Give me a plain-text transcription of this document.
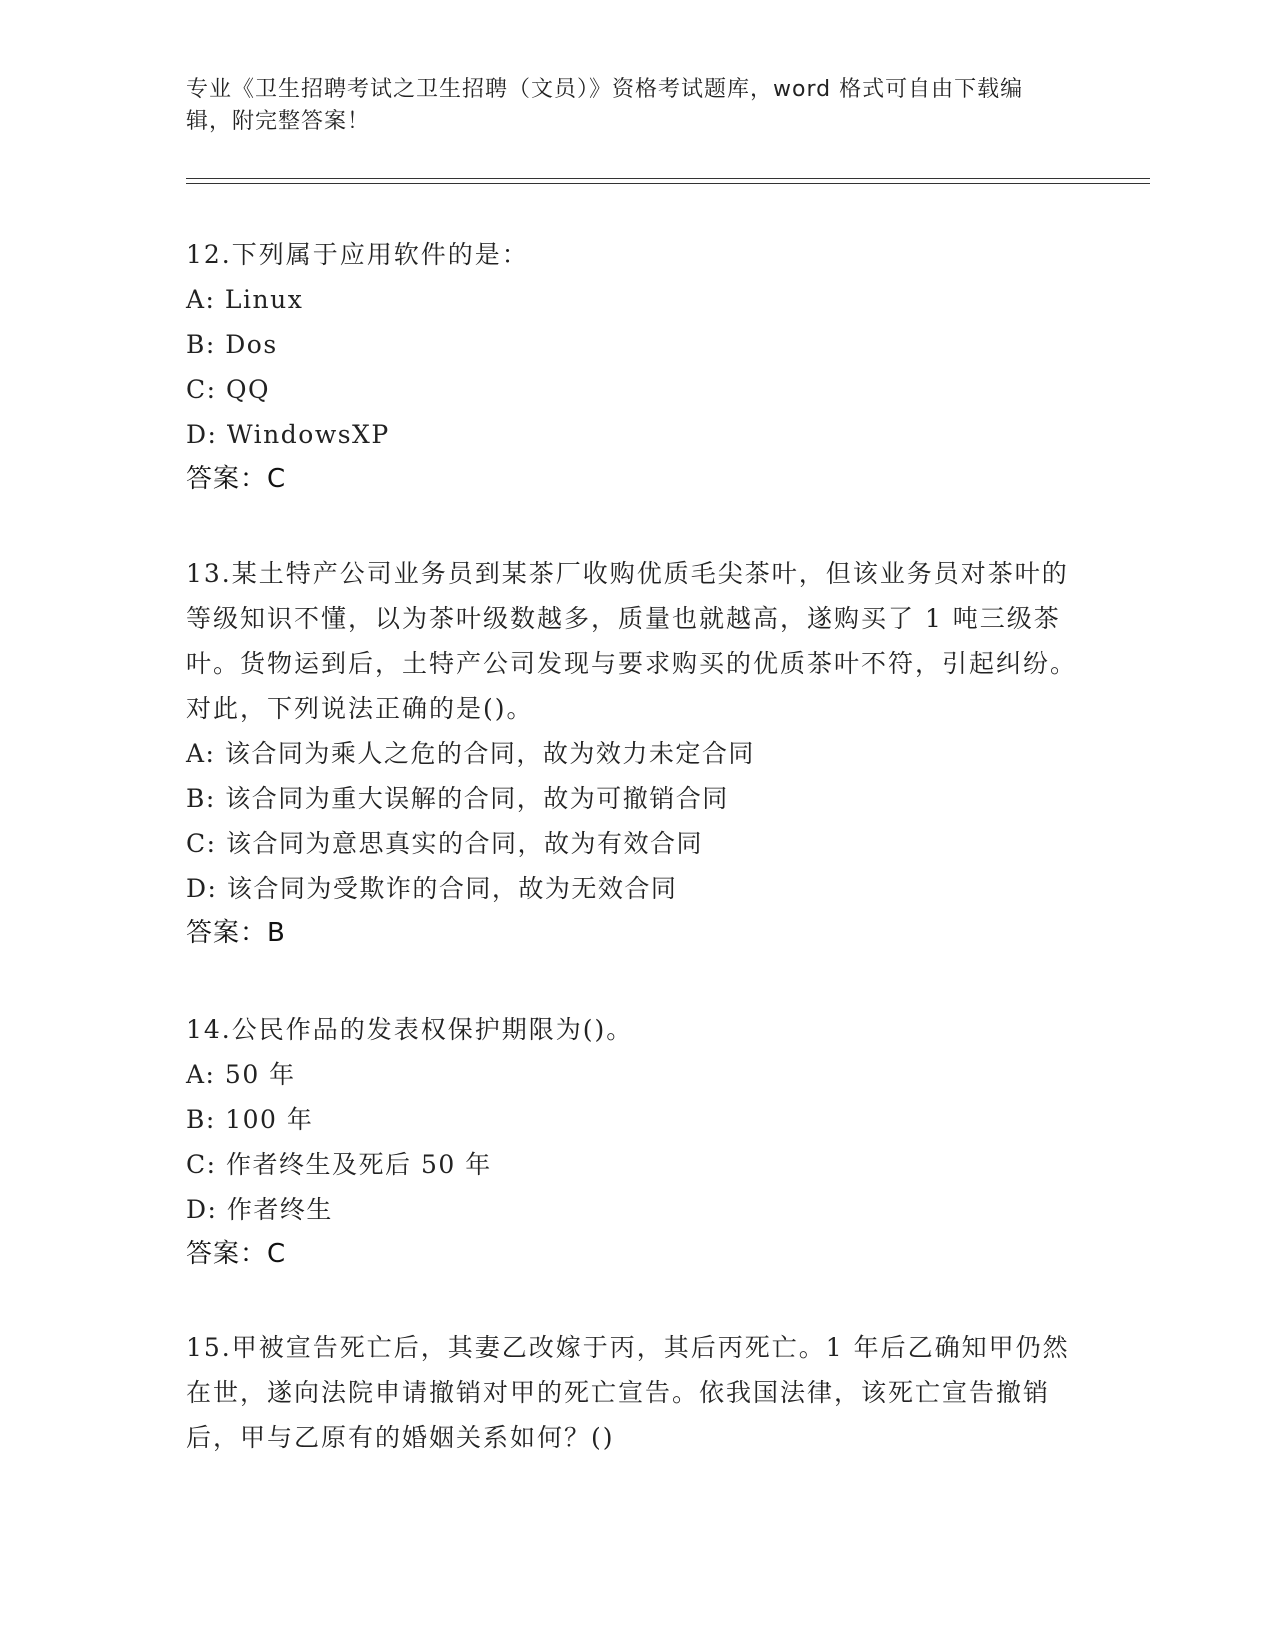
专业《卫生招聘考试之卫生招聘（文员）》资格考试题库，word 格式可自由下载编辑，附完整答案！

12.下列属于应用软件的是：

A: Linux

B: Dos

C: QQ

D: WindowsXP

答案：C

13.某土特产公司业务员到某茶厂收购优质毛尖茶叶，但该业务员对茶叶的等级知识不懂，以为茶叶级数越多，质量也就越高，遂购买了 1 吨三级茶叶。货物运到后，土特产公司发现与要求购买的优质茶叶不符，引起纠纷。对此，下列说法正确的是()。

A: 该合同为乘人之危的合同，故为效力未定合同

B: 该合同为重大误解的合同，故为可撤销合同

C: 该合同为意思真实的合同，故为有效合同

D: 该合同为受欺诈的合同，故为无效合同

答案：B

14.公民作品的发表权保护期限为()。

A: 50 年

B: 100 年

C: 作者终生及死后 50 年

D: 作者终生

答案：C

15.甲被宣告死亡后，其妻乙改嫁于丙，其后丙死亡。1 年后乙确知甲仍然在世，遂向法院申请撤销对甲的死亡宣告。依我国法律，该死亡宣告撤销后，甲与乙原有的婚姻关系如何？()
